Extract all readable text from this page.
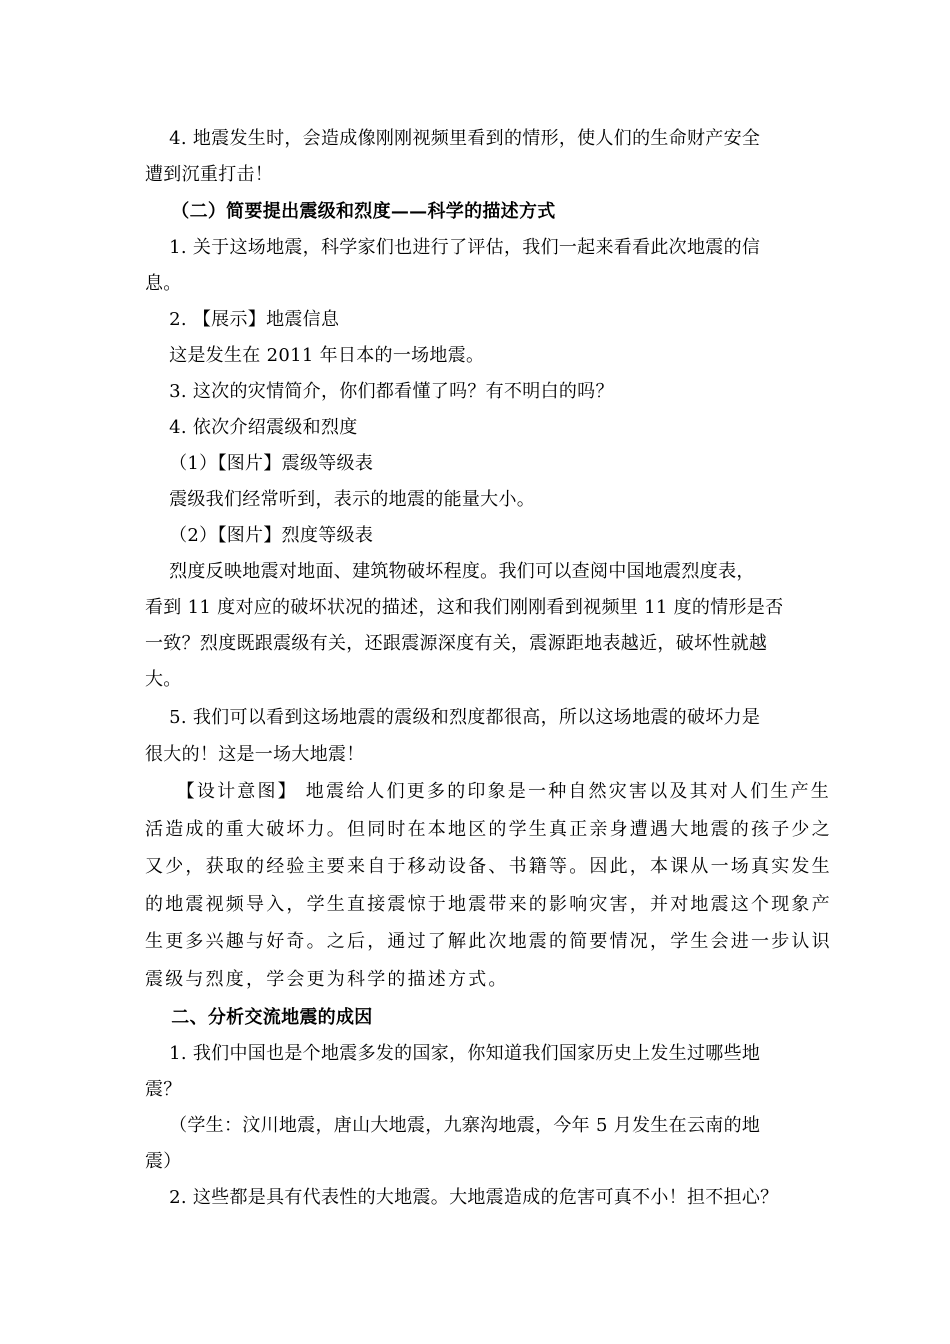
4. 地震发生时，会造成像刚刚视频里看到的情形，使人们的生命财产安全
遭到沉重打击！
（二）简要提出震级和烈度——科学的描述方式
1. 关于这场地震，科学家们也进行了评估，我们一起来看看此次地震的信
息。
2. 【展示】地震信息
这是发生在 2011 年日本的一场地震。
3. 这次的灾情简介，你们都看懂了吗？有不明白的吗？
4. 依次介绍震级和烈度
（1）【图片】震级等级表
震级我们经常听到，表示的地震的能量大小。
（2）【图片】烈度等级表
烈度反映地震对地面、建筑物破坏程度。我们可以查阅中国地震烈度表，
看到 11 度对应的破坏状况的描述，这和我们刚刚看到视频里 11 度的情形是否
一致？烈度既跟震级有关，还跟震源深度有关，震源距地表越近，破坏性就越
大。
5. 我们可以看到这场地震的震级和烈度都很高，所以这场地震的破坏力是
很大的！这是一场大地震！
【设计意图】 地震给人们更多的印象是一种自然灾害以及其对人们生产生
活造成的重大破坏力。但同时在本地区的学生真正亲身遭遇大地震的孩子少之
又少，获取的经验主要来自于移动设备、书籍等。因此，本课从一场真实发生
的地震视频导入，学生直接震惊于地震带来的影响灾害，并对地震这个现象产
生更多兴趣与好奇。之后，通过了解此次地震的简要情况，学生会进一步认识
震级与烈度，学会更为科学的描述方式。
二、分析交流地震的成因
1. 我们中国也是个地震多发的国家，你知道我们国家历史上发生过哪些地
震？
（学生：汶川地震，唐山大地震，九寨沟地震，今年 5 月发生在云南的地
震）
2. 这些都是具有代表性的大地震。大地震造成的危害可真不小！担不担心？
